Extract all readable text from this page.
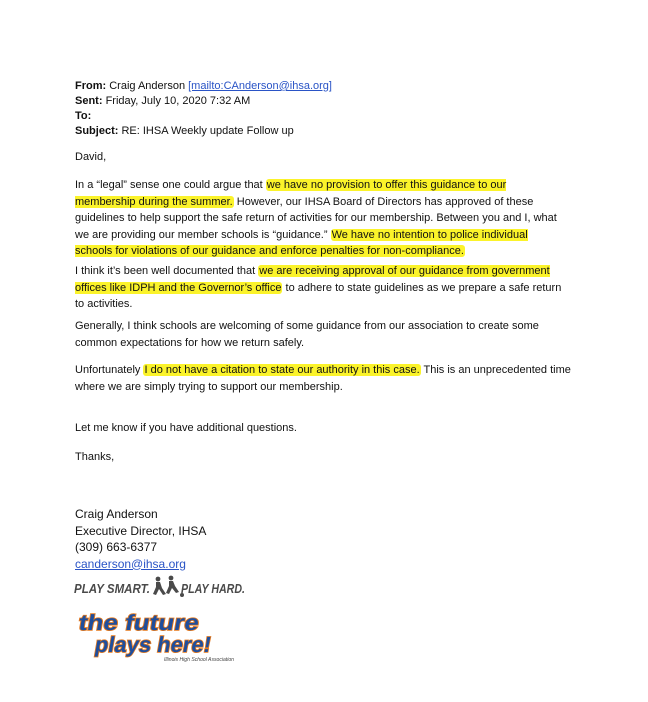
From: Craig Anderson [mailto:CAnderson@ihsa.org]
Sent: Friday, July 10, 2020 7:32 AM
To:
Subject: RE: IHSA Weekly update Follow up
David,
In a “legal” sense one could argue that we have no provision to offer this guidance to our membership during the summer. However, our IHSA Board of Directors has approved of these guidelines to help support the safe return of activities for our membership. Between you and I, what we are providing our member schools is “guidance.” We have no intention to police individual schools for violations of our guidance and enforce penalties for non-compliance.
I think it’s been well documented that we are receiving approval of our guidance from government offices like IDPH and the Governor’s office to adhere to state guidelines as we prepare a safe return to activities.
Generally, I think schools are welcoming of some guidance from our association to create some common expectations for how we return safely.
Unfortunately I do not have a citation to state our authority in this case. This is an unprecedented time where we are simply trying to support our membership.
Let me know if you have additional questions.
Thanks,
Craig Anderson
Executive Director, IHSA
(309) 663-6377
canderson@ihsa.org
PLAY SMART. PLAY HARD.
the future
plays here!
Illinois High School Association
